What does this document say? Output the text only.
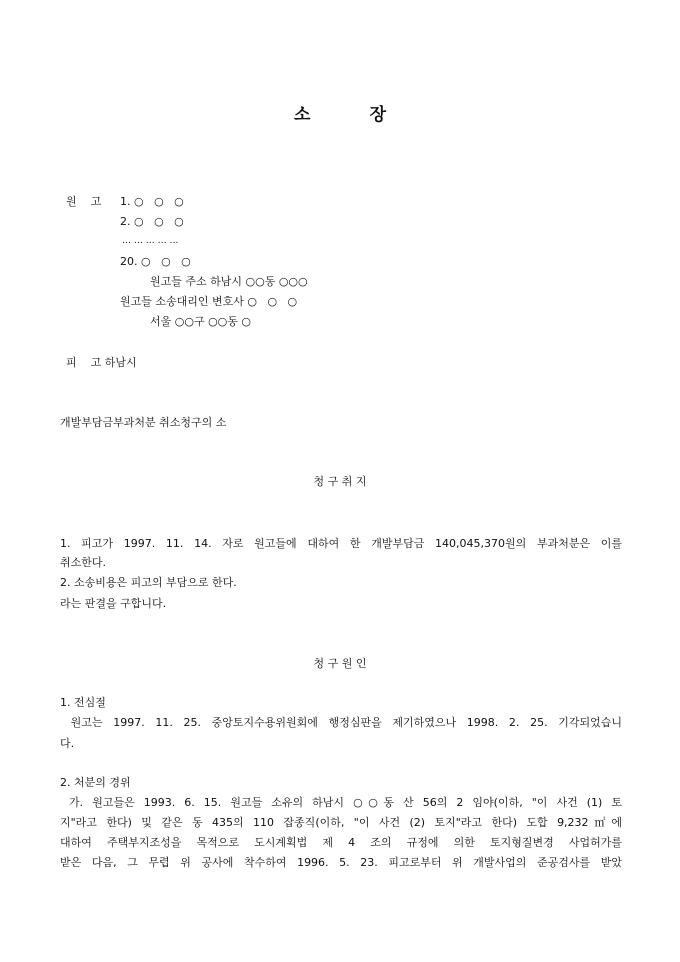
소          장
원    고 1. ○   ○   ○
2. ○   ○   ○
… … … … …
20. ○   ○   ○
원고들 주소 하남시 ○○동 ○○○
원고들 소송대리인 변호사 ○   ○   ○
서울 ○○구 ○○동 ○
피    고 하남시
개발부담금부과처분 취소청구의 소
청 구 취 지
1. 피고가 1997. 11. 14. 자로 원고들에 대하여 한 개발부담금 140,045,370원의 부과처분은 이를
취소한다.
2. 소송비용은 피고의 부담으로 한다.
라는 판결을 구합니다.
청 구 원 인
1. 전심절
원고는 1997. 11. 25. 중앙토지수용위원회에 행정심판을 제기하였으나 1998. 2. 25. 기각되었습니
다.
2. 처분의 경위
가. 원고들은 1993. 6. 15. 원고들 소유의 하남시 ○○동 산 56의 2 임야(이하, "이 사건 (1) 토
지"라고 한다) 및 같은 동 435의 110 잡종직(이하, "이 사건 (2) 토지"라고 한다) 도합 9,232㎡에
대하여 주택부지조성을 목적으로 도시계획법 제 4 조의 규정에 의한 토지형질변경 사업허가를
받은 다음, 그 무렵 위 공사에 착수하여 1996. 5. 23. 피고로부터 위 개발사업의 준공검사를 받았
